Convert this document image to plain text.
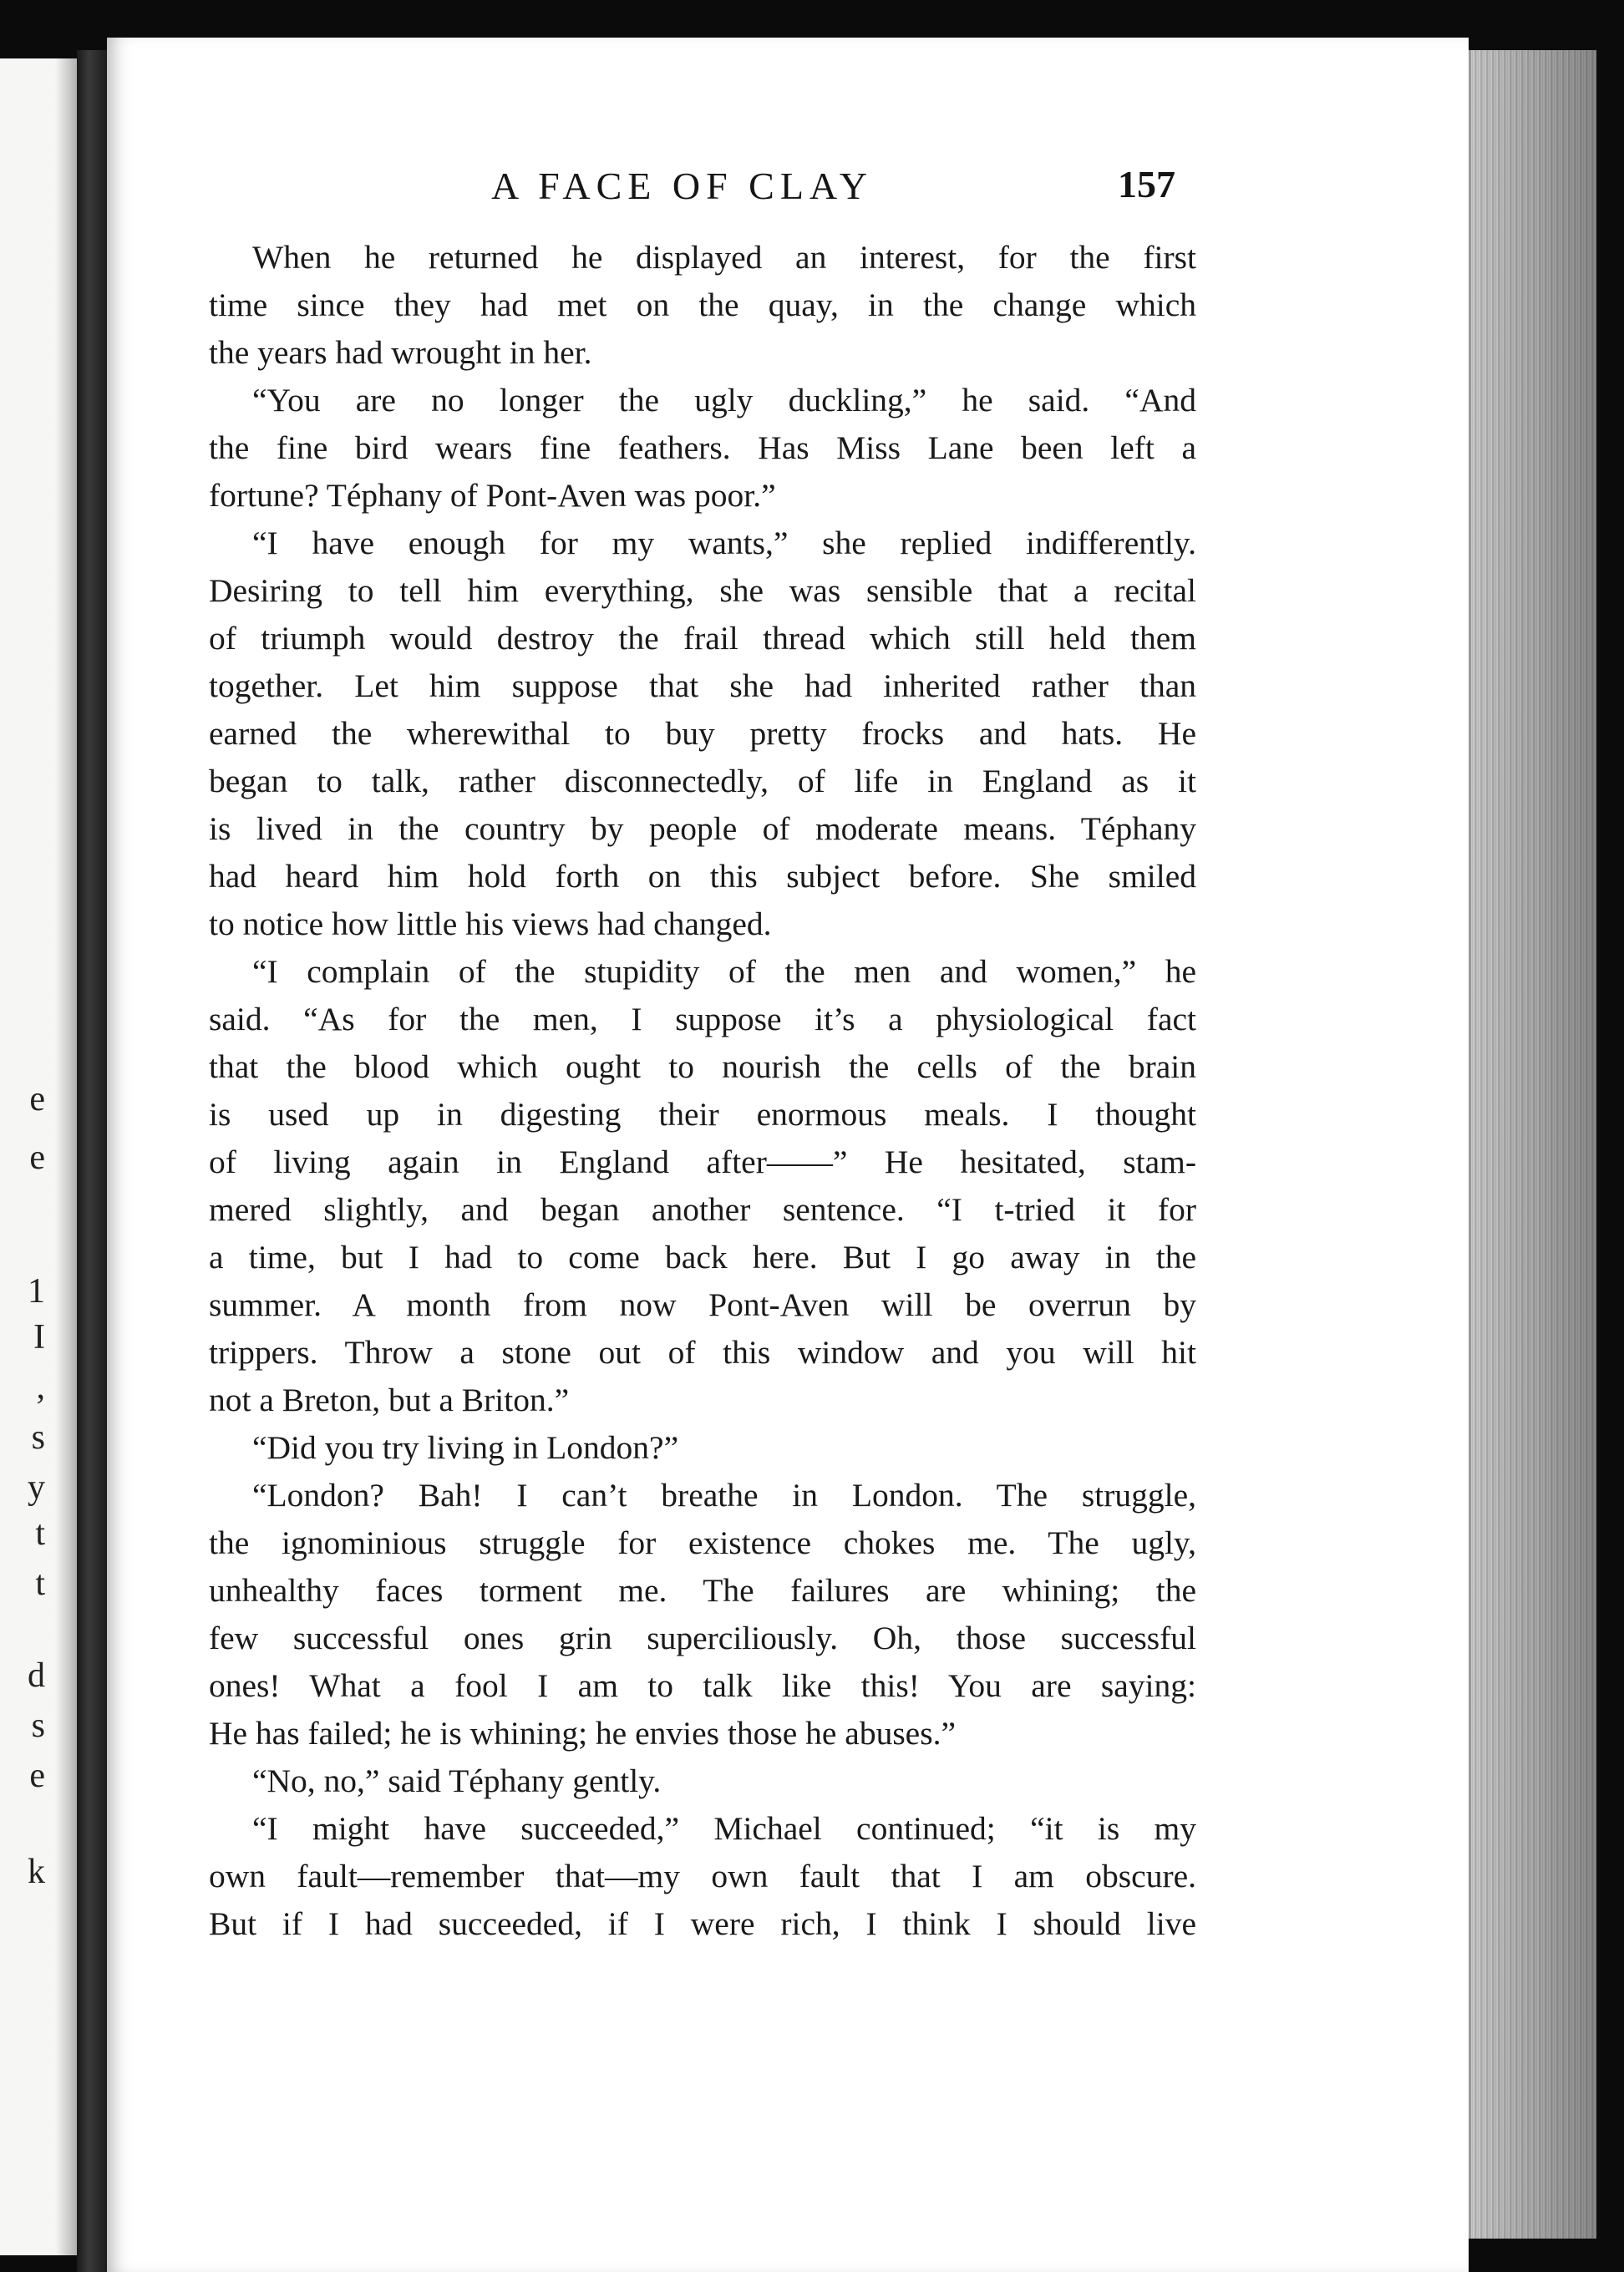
e
e
1
I
,
s
y
t
t
d
s
e
k
A FACE OF CLAY	157
When he returned he displayed an interest, for the first
time since they had met on the quay, in the change which
the years had wrought in her.
“You are no longer the ugly duckling,” he said. “And
the fine bird wears fine feathers. Has Miss Lane been left a
fortune? Téphany of Pont-Aven was poor.”
“I have enough for my wants,” she replied indifferently.
Desiring to tell him everything, she was sensible that a recital
of triumph would destroy the frail thread which still held them
together. Let him suppose that she had inherited rather than
earned the wherewithal to buy pretty frocks and hats. He
began to talk, rather disconnectedly, of life in England as it
is lived in the country by people of moderate means. Téphany
had heard him hold forth on this subject before. She smiled
to notice how little his views had changed.
“I complain of the stupidity of the men and women,” he
said. “As for the men, I suppose it’s a physiological fact
that the blood which ought to nourish the cells of the brain
is used up in digesting their enormous meals. I thought
of living again in England after——” He hesitated, stam-
mered slightly, and began another sentence. “I t-tried it for
a time, but I had to come back here. But I go away in the
summer. A month from now Pont-Aven will be overrun by
trippers. Throw a stone out of this window and you will hit
not a Breton, but a Briton.”
“Did you try living in London?”
“London? Bah! I can’t breathe in London. The struggle,
the ignominious struggle for existence chokes me. The ugly,
unhealthy faces torment me. The failures are whining; the
few successful ones grin superciliously. Oh, those successful
ones! What a fool I am to talk like this! You are saying:
He has failed; he is whining; he envies those he abuses.”
“No, no,” said Téphany gently.
“I might have succeeded,” Michael continued; “it is my
own fault—remember that—my own fault that I am obscure.
But if I had succeeded, if I were rich, I think I should live
